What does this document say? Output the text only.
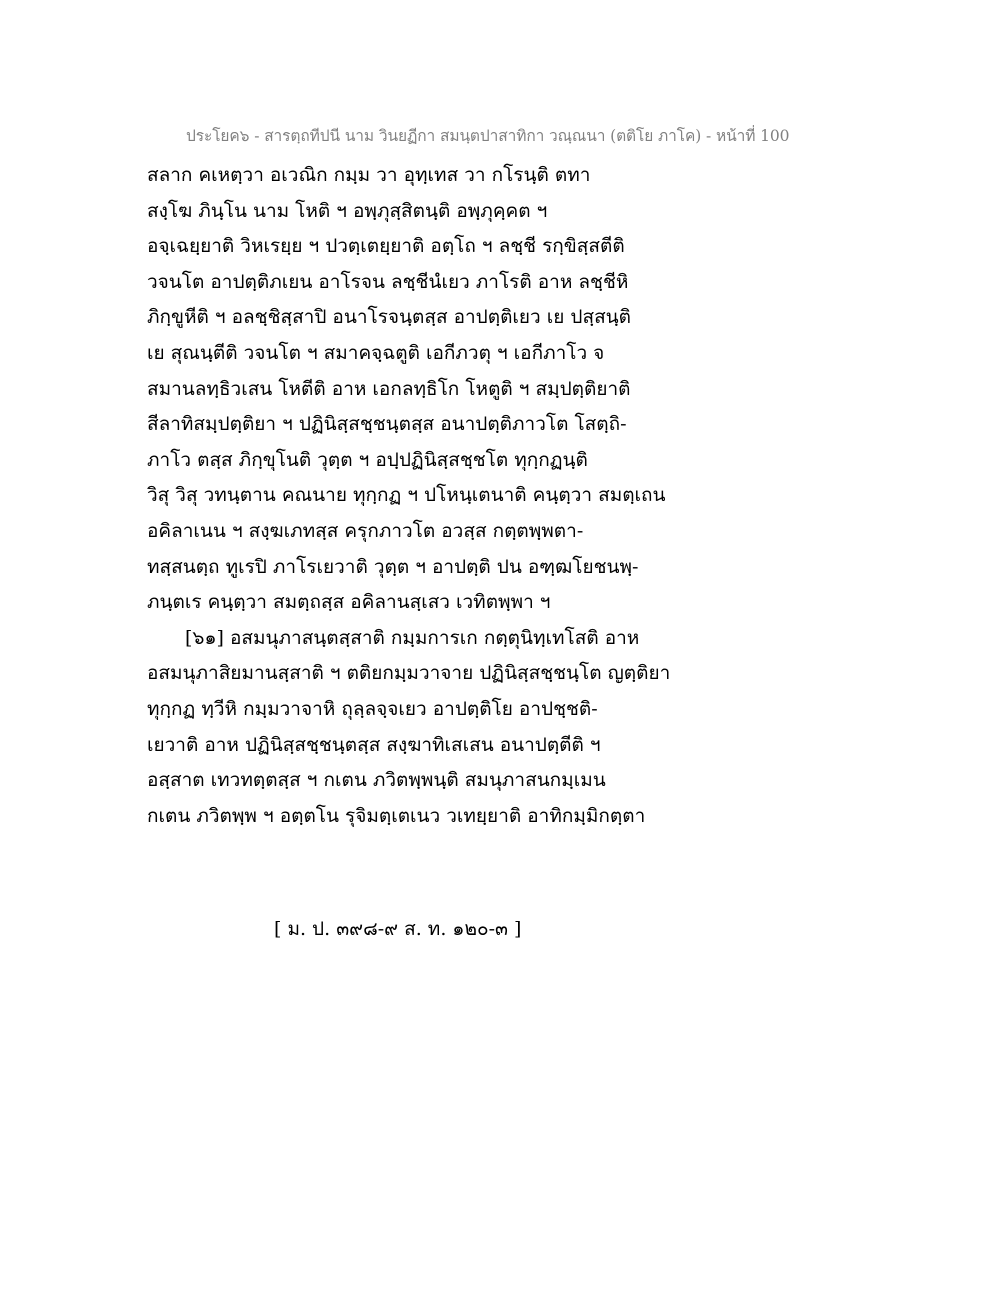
ประโยค๖ - สารตฺถทีปนี นาม วินยฏีกา สมนฺตปาสาทิกา วณฺณนา (ตติโย ภาโค) - หน้าที่ 100
สลาก คเหตฺวา อเวณิก กมฺม วา อุทฺเทส วา กโรนฺติ ตทา
สงฺโฆ ภินฺโน นาม โหติ ฯ อพฺภุสฺสิตนฺติ อพฺภุคฺคต ฯ
อจฺเฉยฺยาติ วิหเรยฺย ฯ ปวตฺเตยฺยาติ อตฺโถ ฯ ลชฺชี รกฺขิสฺสตีติ
วจนโต อาปตฺติภเยน อาโรจน ลชฺชีนํเยว ภาโรติ อาห ลชฺชีหิ
ภิกฺขูหีติ ฯ อลชฺชิสฺสาปิ อนาโรจนฺตสฺส อาปตฺติเยว เย ปสฺสนฺติ
เย สุณนฺตีติ วจนโต ฯ สมาคจฺฉตูติ เอกีภวตุ ฯ เอกีภาโว จ
สมานลทฺธิวเสน โหตีติ อาห เอกลทฺธิโก โหตูติ ฯ สมฺปตฺติยาติ
สีลาทิสมฺปตฺติยา ฯ ปฏินิสฺสชฺชนฺตสฺส อนาปตฺติภาวโต โสตฺถิ-
ภาโว ตสฺส ภิกฺขุโนติ วุตฺต ฯ อปฺปฏินิสฺสชฺชโต ทุกฺกฏนฺติ
วิสุ วิสุ วทนฺตาน คณนาย ทุกฺกฏ ฯ ปโหนฺเตนาติ คนฺตฺวา สมตฺเถน
อคิลาเนน ฯ สงฺฆเภทสฺส ครุกภาวโต อวสฺส กตฺตพฺพตา-
ทสฺสนตฺถ ทูเรปิ ภาโรเยวาติ วุตฺต ฯ อาปตฺติ ปน อฑฺฒโยชนพฺ-
ภนฺตเร คนฺตฺวา สมตฺถสฺส อคิลานสฺเสว เวทิตพฺพา ฯ
[๖๑] อสมนุภาสนฺตสฺสาติ กมฺมการเก กตฺตุนิทฺเทโสติ อาห
อสมนุภาสิยมานสฺสาติ ฯ ตติยกมฺมวาจาย ปฏินิสฺสชฺชนฺโต ญตฺติยา
ทุกฺกฏ ทฺวีหิ กมฺมวาจาหิ ถุลฺลจฺจเยว อาปตฺติโย อาปชฺชติ-
เยวาติ อาห ปฏินิสฺสชฺชนฺตสฺส สงฺฆาทิเสเสน อนาปตฺตีติ ฯ
อสฺสาต เทวทตฺตสฺส ฯ กเตน ภวิตพฺพนฺติ สมนุภาสนกมฺเมน
กเตน ภวิตพฺพ ฯ อตฺตโน รุจิมตฺเตเนว วเทยฺยาติ อาทิกมฺมิกตฺตา
[ ม. ป. ๓๙๘-๙ ส. ท. ๑๒๐-๓ ]
